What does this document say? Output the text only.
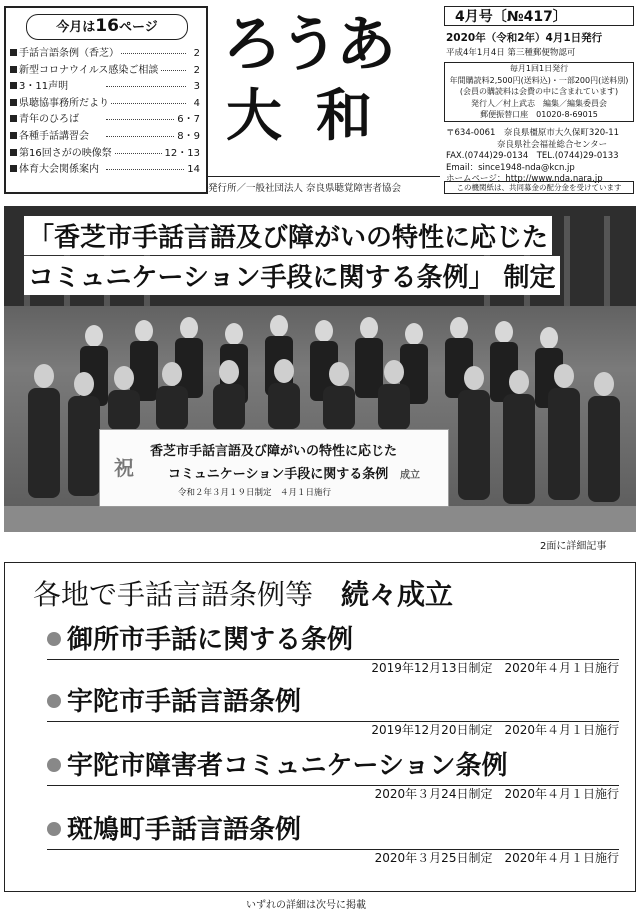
今月は16ページ
手話言語条例（香芝）	2
新型コロナウイルス感染ご相談	2
3・11声明	3
県聴協事務所だより	4
青年のひろば	6・7
各種手話講習会	8・9
第16回さがの映像祭	12・13
体育大会関係案内	14
ろうあ
大和
発行所／一般社団法人 奈良県聴覚障害者協会
4月号〔№417〕
2020年（令和2年）4月1日発行
平成4年1月4日 第三種郵便物認可
毎月1回1日発行
年間購読料2,500円(送料込)・一部200円(送料別)
(会員の購読料は会費の中に含まれています)
発行人／村上武志　編集／編集委員会
郵便振替口座　01020-8-69015
〒634-0061　奈良県橿原市大久保町320-11
　　　　　　奈良県社会福祉総合センター
FAX.(0744)29-0134　TEL.(0744)29-0133
Email：since1948-nda@kcn.jp
ホームページ：http://www.nda.nara.jp
この機関紙は、共同募金の配分金を受けています
「香芝市手話言語及び障がいの特性に応じた
コミュニケーション手段に関する条例」 制定
祝
香芝市手話言語及び障がいの特性に応じた
コミュニケーション手段に関する条例 成立
令和２年３月１９日制定　４月１日施行
2面に詳細記事
各地で手話言語条例等　 続々成立
御所市手話に関する条例
2019年12月13日制定　2020年４月１日施行
宇陀市手話言語条例
2019年12月20日制定　2020年４月１日施行
宇陀市障害者コミュニケーション条例
2020年３月24日制定　2020年４月１日施行
斑鳩町手話言語条例
2020年３月25日制定　2020年４月１日施行
いずれの詳細は次号に掲載
